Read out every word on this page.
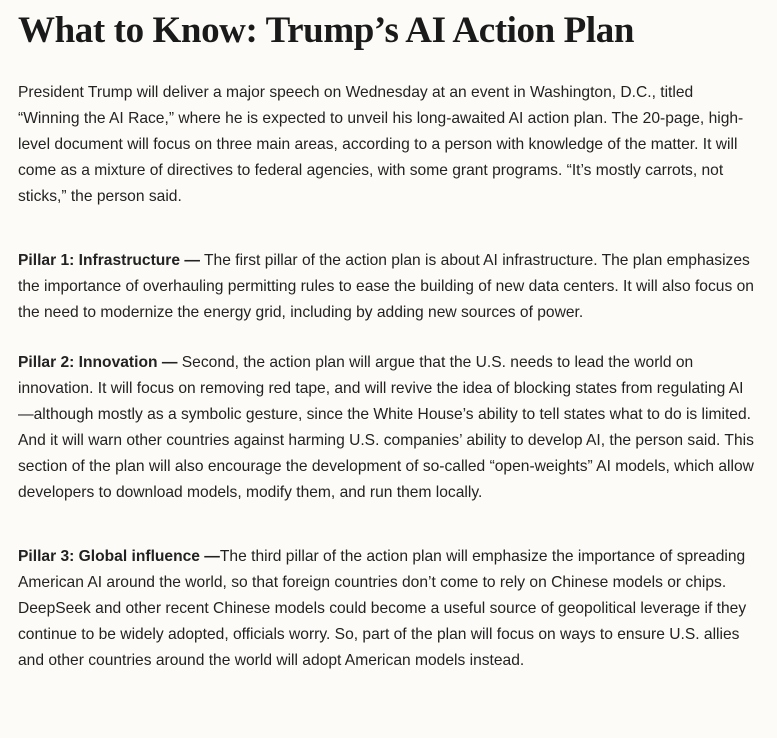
What to Know: Trump’s AI Action Plan

President Trump will deliver a major speech on Wednesday at an event in Washington, D.C., titled “Winning the AI Race,” where he is expected to unveil his long-awaited AI action plan. The 20-page, high-level document will focus on three main areas, according to a person with knowledge of the matter. It will come as a mixture of directives to federal agencies, with some grant programs. “It’s mostly carrots, not sticks,” the person said.

Pillar 1: Infrastructure — The first pillar of the action plan is about AI infrastructure. The plan emphasizes the importance of overhauling permitting rules to ease the building of new data centers. It will also focus on the need to modernize the energy grid, including by adding new sources of power.

Pillar 2: Innovation — Second, the action plan will argue that the U.S. needs to lead the world on innovation. It will focus on removing red tape, and will revive the idea of blocking states from regulating AI—although mostly as a symbolic gesture, since the White House’s ability to tell states what to do is limited. And it will warn other countries against harming U.S. companies’ ability to develop AI, the person said. This section of the plan will also encourage the development of so-called “open-weights” AI models, which allow developers to download models, modify them, and run them locally.

Pillar 3: Global influence —The third pillar of the action plan will emphasize the importance of spreading American AI around the world, so that foreign countries don’t come to rely on Chinese models or chips. DeepSeek and other recent Chinese models could become a useful source of geopolitical leverage if they continue to be widely adopted, officials worry. So, part of the plan will focus on ways to ensure U.S. allies and other countries around the world will adopt American models instead.
